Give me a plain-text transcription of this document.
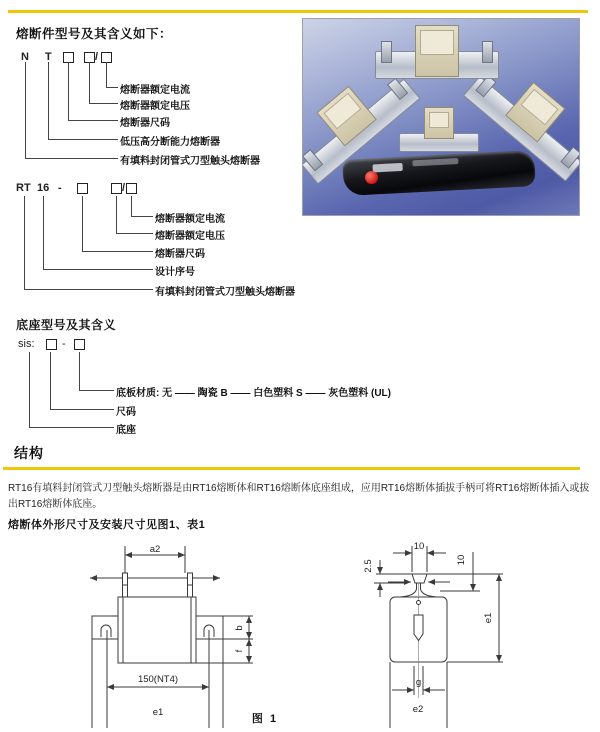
熔断件型号及其含义如下：
N T	/
熔断器额定电流
熔断器额定电压
熔断器尺码
低压高分断能力熔断器
有填料封闭管式刀型触头熔断器
RT 16 -	/
熔断器额定电流
熔断器额定电压
熔断器尺码
设计序号
有填料封闭管式刀型触头熔断器
底座型号及其含义
sis:	-
底板材质: 无 —— 陶瓷 B —— 白色塑料 S —— 灰色塑料 (UL)
尺码
底座
结构
RT16有填料封闭管式刀型触头熔断器是由RT16熔断体和RT16熔断体底座组成，应用RT16熔断体插拔手柄可将RT16熔断体插入或拔出RT16熔断体底座。
熔断体外形尺寸及安装尺寸见图1、表1
a2
b
f
150(NT4)
e1
10
2.5	10
e1
g
e2
图 1
